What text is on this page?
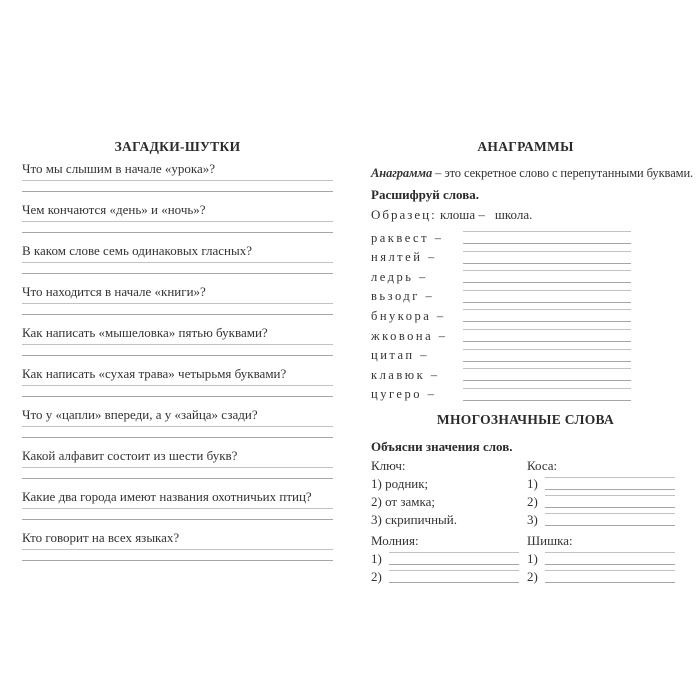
ЗАГАДКИ-ШУТКИ
Что мы слышим в начале «урока»?
Чем кончаются «день» и «ночь»?
В каком слове семь одинаковых гласных?
Что находится в начале «книги»?
Как написать «мышеловка» пятью буквами?
Как написать «сухая трава» четырьмя буквами?
Что у «цапли» впереди, а у «зайца» сзади?
Какой алфавит состоит из шести букв?
Какие два города имеют названия охотничьих птиц?
Кто говорит на всех языках?
АНАГРАММЫ

Анаграмма – это секретное слово с перепутанными буквами.

Расшифруй слова.

Образец: клоша – школа.

раквест –
нялтей –
ледрь –
вьзодг –
бнукора –
жковона –
цитап –
клавюк –
цугеро –
МНОГОЗНАЧНЫЕ СЛОВА

Объясни значения слов.

Ключ:
1) родник;
2) от замка;
3) скрипичный.
Коса:
1)
2)
3)
Молния:
1)
2)
Шишка:
1)
2)
